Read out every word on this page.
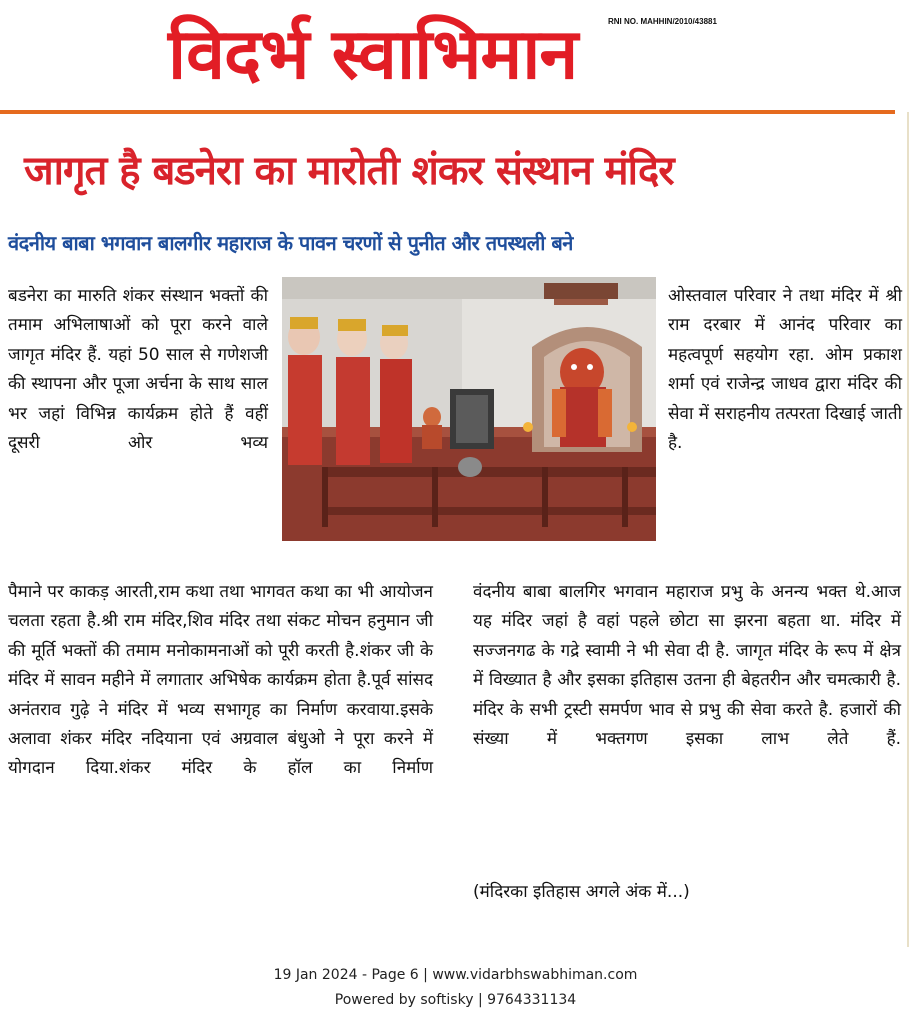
विदर्भ स्वाभिमान	RNI NO. MAHHIN/2010/43881
जागृत है बडनेरा का मारोती शंकर संस्थान मंदिर
वंदनीय बाबा भगवान बालगीर महाराज के पावन चरणों से पुनीत और तपस्थली बने

बडनेरा का मारुति शंकर संस्थान भक्तों की तमाम अभिलाषाओं को पूरा करने वाले जागृत मंदिर हैं. यहां 50 साल से गणेशजी की स्थापना और पूजा अर्चना के साथ साल भर जहां विभिन्न कार्यक्रम होते हैं वहीं दूसरी ओर भव्य

ओस्तवाल परिवार ने तथा मंदिर में श्री राम दरबार में आनंद परिवार का महत्वपूर्ण सहयोग रहा. ओम प्रकाश शर्मा एवं राजेन्द्र जाधव द्वारा मंदिर की सेवा में सराहनीय तत्परता दिखाई जाती है.

पैमाने पर काकड़ आरती,राम कथा तथा भागवत कथा का भी आयोजन चलता रहता है.श्री राम मंदिर,शिव मंदिर तथा संकट मोचन हनुमान जी की मूर्ति भक्तों की तमाम मनोकामनाओं को पूरी करती है.शंकर जी के मंदिर में सावन महीने में लगातार अभिषेक कार्यक्रम होता है.पूर्व सांसद अनंतराव गुढ़े ने मंदिर में भव्य सभागृह का निर्माण करवाया.इसके अलावा शंकर मंदिर नदियाना एवं अग्रवाल बंधुओ ने पूरा करने में योगदान दिया.शंकर मंदिर के हॉल का निर्माण

वंदनीय बाबा बालगिर भगवान महाराज प्रभु के अनन्य भक्त थे.आज यह मंदिर जहां है वहां पहले छोटा सा झरना बहता था. मंदिर में सज्जनगढ के गद्रे स्वामी ने भी सेवा दी है. जागृत मंदिर के रूप में क्षेत्र में विख्यात है और इसका इतिहास उतना ही बेहतरीन और चमत्कारी है. मंदिर के सभी ट्रस्टी समर्पण भाव से प्रभु की सेवा करते है. हजारों की संख्या में भक्तगण इसका लाभ लेते हैं.

(मंदिरका इतिहास अगले अंक में...)
19 Jan 2024 - Page 6 | www.vidarbhswabhiman.com
Powered by softisky | 9764331134
